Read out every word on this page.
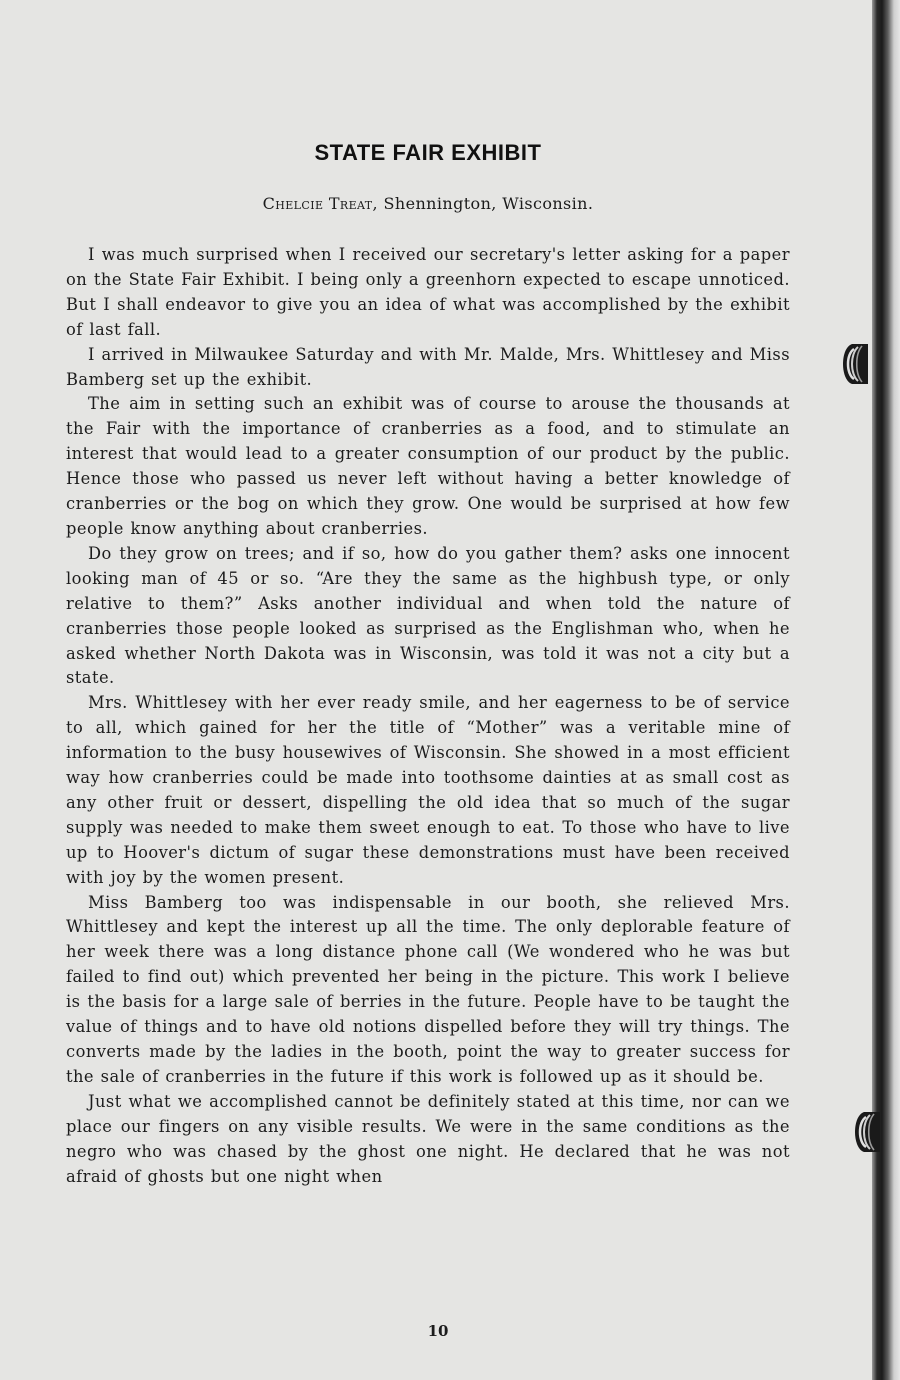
STATE FAIR EXHIBIT
Chelcie Treat, Shennington, Wisconsin.

I was much surprised when I received our secretary's letter asking for a paper on the State Fair Exhibit. I being only a greenhorn expected to escape unnoticed. But I shall endeavor to give you an idea of what was accomplished by the exhibit of last fall.

I arrived in Milwaukee Saturday and with Mr. Malde, Mrs. Whittlesey and Miss Bamberg set up the exhibit.

The aim in setting such an exhibit was of course to arouse the thousands at the Fair with the importance of cranberries as a food, and to stimulate an interest that would lead to a greater consumption of our product by the public. Hence those who passed us never left without having a better knowledge of cranberries or the bog on which they grow. One would be surprised at how few people know anything about cranberries.

Do they grow on trees; and if so, how do you gather them? asks one innocent looking man of 45 or so. “Are they the same as the highbush type, or only relative to them?” Asks another individual and when told the nature of cranberries those people looked as surprised as the Englishman who, when he asked whether North Dakota was in Wisconsin, was told it was not a city but a state.

Mrs. Whittlesey with her ever ready smile, and her eagerness to be of service to all, which gained for her the title of “Mother” was a veritable mine of information to the busy housewives of Wisconsin. She showed in a most efficient way how cranberries could be made into toothsome dainties at as small cost as any other fruit or dessert, dispelling the old idea that so much of the sugar supply was needed to make them sweet enough to eat. To those who have to live up to Hoover's dictum of sugar these demonstrations must have been received with joy by the women present.

Miss Bamberg too was indispensable in our booth, she relieved Mrs. Whittlesey and kept the interest up all the time. The only deplorable feature of her week there was a long distance phone call (We wondered who he was but failed to find out) which prevented her being in the picture. This work I believe is the basis for a large sale of berries in the future. People have to be taught the value of things and to have old notions dispelled before they will try things. The converts made by the ladies in the booth, point the way to greater success for the sale of cranberries in the future if this work is followed up as it should be.

Just what we accomplished cannot be definitely stated at this time, nor can we place our fingers on any visible results. We were in the same conditions as the negro who was chased by the ghost one night. He declared that he was not afraid of ghosts but one night when

10
